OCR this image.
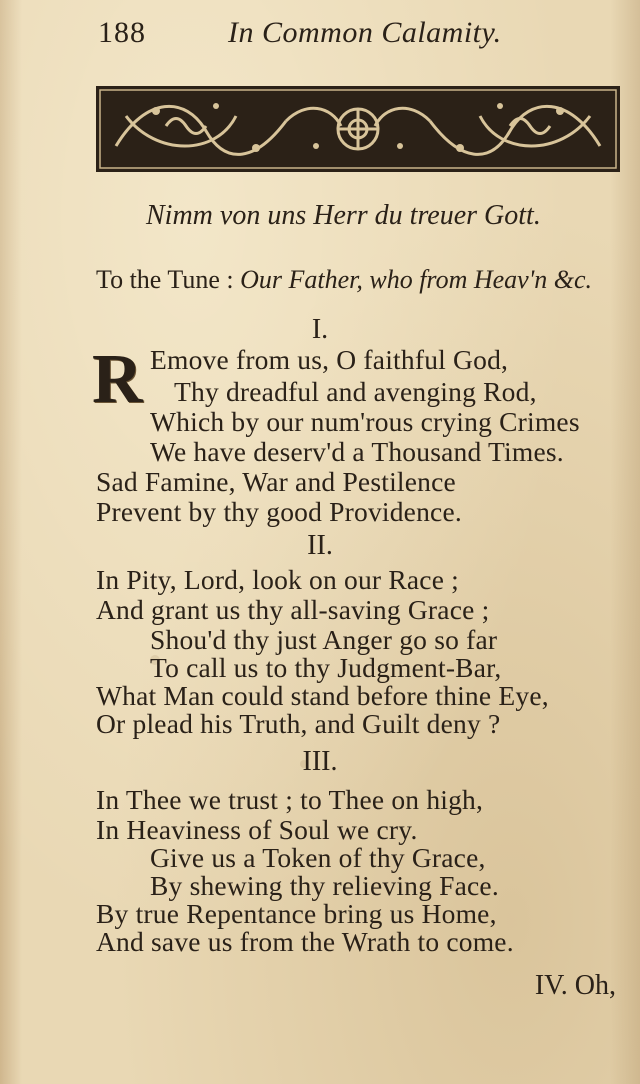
188	In Common Calamity.
Nimm von uns Herr du treuer Gott.
To the Tune : Our Father, who from Heav'n &c.
I.
R Emove from us, O faithful God,
Thy dreadful and avenging Rod,
Which by our num'rous crying Crimes
We have deserv'd a Thousand Times.
Sad Famine, War and Pestilence
Prevent by thy good Providence.
II.
In Pity, Lord, look on our Race ;
And grant us thy all-saving Grace ;
Shou'd thy just Anger go so far
To call us to thy Judgment-Bar,
What Man could stand before thine Eye,
Or plead his Truth, and Guilt deny ?
III.
In Thee we trust ; to Thee on high,
In Heaviness of Soul we cry.
Give us a Token of thy Grace,
By shewing thy relieving Face.
By true Repentance bring us Home,
And save us from the Wrath to come.
IV. Oh,
